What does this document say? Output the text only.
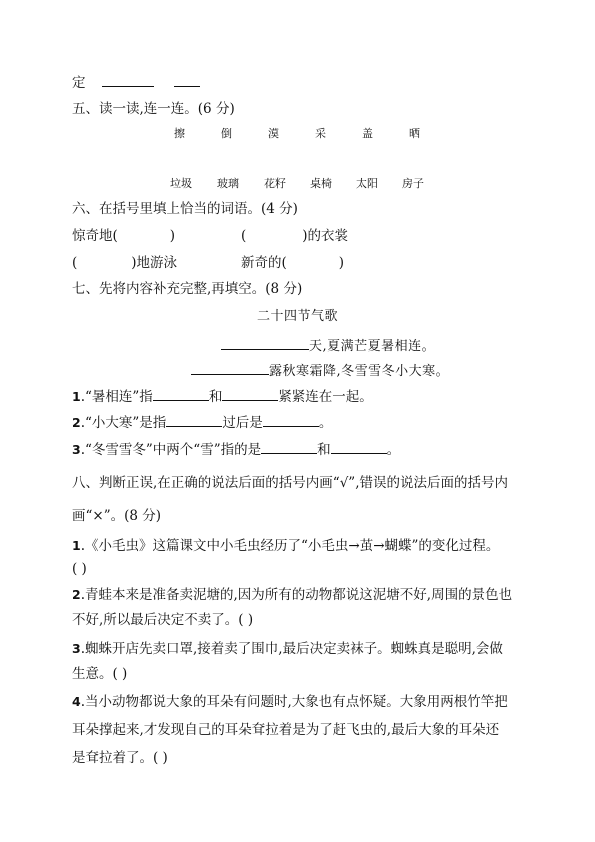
定
五、读一读,连一连。(6 分)
擦	倒	漠	采	盖	晒
垃圾 玻璃 花籽 桌椅 太阳 房子
六、在括号里填上恰当的词语。(4 分)
惊奇地(	)	(	)的衣裳
(	)地游泳	新奇的(	)
七、先将内容补充完整,再填空。(8 分)
二十四节气歌
天,夏满芒夏暑相连。
露秋寒霜降,冬雪雪冬小大寒。
1.“暑相连”指	和	紧紧连在一起。
2.“小大寒”是指	过后是	。
3.“冬雪雪冬”中两个“雪”指的是	和	。
八、判断正误,在正确的说法后面的括号内画“√”,错误的说法后面的括号内
画“×”。(8 分)
1.《小毛虫》这篇课文中小毛虫经历了“小毛虫→茧→蝴蝶”的变化过程。
( )
2.青蛙本来是准备卖泥塘的,因为所有的动物都说这泥塘不好,周围的景色也
不好,所以最后决定不卖了。( )
3.蜘蛛开店先卖口罩,接着卖了围巾,最后决定卖袜子。蜘蛛真是聪明,会做
生意。( )
4.当小动物都说大象的耳朵有问题时,大象也有点怀疑。大象用两根竹竿把
耳朵撑起来,才发现自己的耳朵耷拉着是为了赶飞虫的,最后大象的耳朵还
是耷拉着了。( )
